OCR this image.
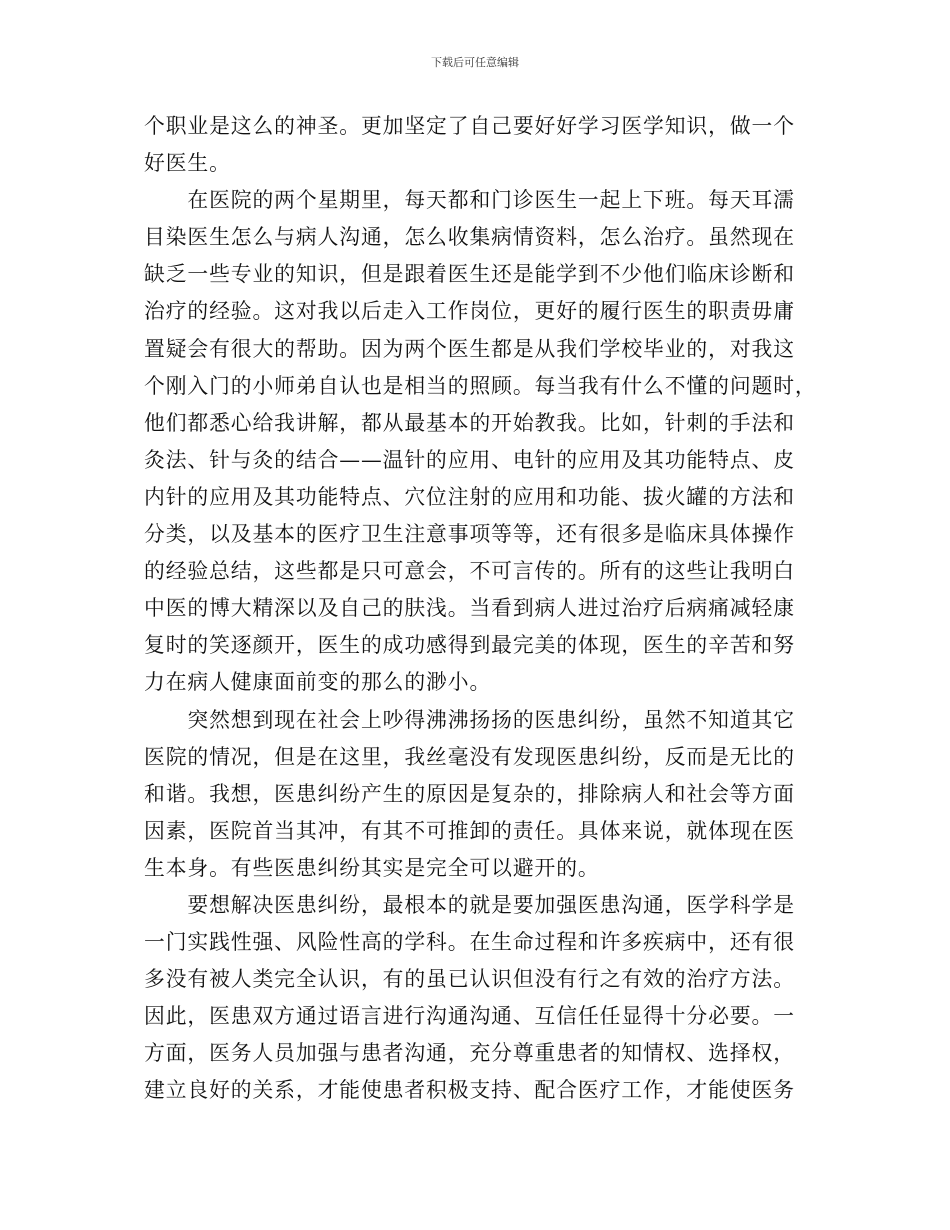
下载后可任意编辑
个职业是这么的神圣。更加坚定了自己要好好学习医学知识，做一个
好医生。
　　在医院的两个星期里，每天都和门诊医生一起上下班。每天耳濡
目染医生怎么与病人沟通，怎么收集病情资料，怎么治疗。虽然现在
缺乏一些专业的知识，但是跟着医生还是能学到不少他们临床诊断和
治疗的经验。这对我以后走入工作岗位，更好的履行医生的职责毋庸
置疑会有很大的帮助。因为两个医生都是从我们学校毕业的，对我这
个刚入门的小师弟自认也是相当的照顾。每当我有什么不懂的问题时，
他们都悉心给我讲解，都从最基本的开始教我。比如，针刺的手法和
灸法、针与灸的结合——温针的应用、电针的应用及其功能特点、皮
内针的应用及其功能特点、穴位注射的应用和功能、拔火罐的方法和
分类，以及基本的医疗卫生注意事项等等，还有很多是临床具体操作
的经验总结，这些都是只可意会，不可言传的。所有的这些让我明白
中医的博大精深以及自己的肤浅。当看到病人进过治疗后病痛减轻康
复时的笑逐颜开，医生的成功感得到最完美的体现，医生的辛苦和努
力在病人健康面前变的那么的渺小。
　　突然想到现在社会上吵得沸沸扬扬的医患纠纷，虽然不知道其它
医院的情况，但是在这里，我丝毫没有发现医患纠纷，反而是无比的
和谐。我想，医患纠纷产生的原因是复杂的，排除病人和社会等方面
因素，医院首当其冲，有其不可推卸的责任。具体来说，就体现在医
生本身。有些医患纠纷其实是完全可以避开的。
　　要想解决医患纠纷，最根本的就是要加强医患沟通，医学科学是
一门实践性强、风险性高的学科。在生命过程和许多疾病中，还有很
多没有被人类完全认识，有的虽已认识但没有行之有效的治疗方法。
因此，医患双方通过语言进行沟通沟通、互信任任显得十分必要。一
方面，医务人员加强与患者沟通，充分尊重患者的知情权、选择权，
建立良好的关系，才能使患者积极支持、配合医疗工作，才能使医务
